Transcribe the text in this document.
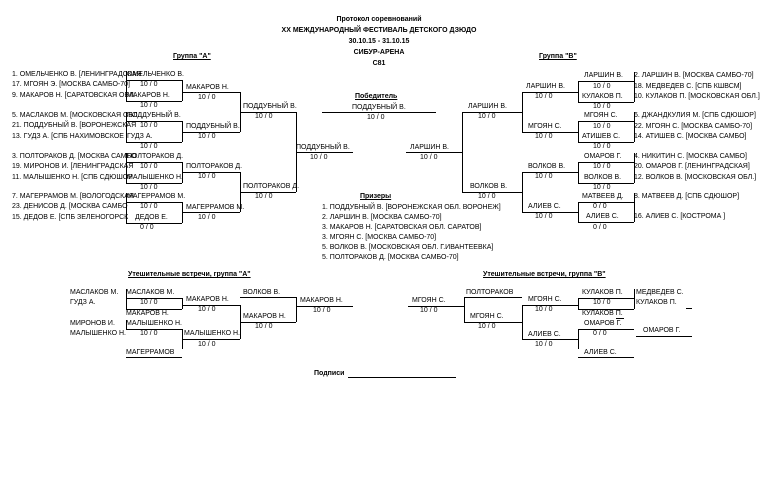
Протокол соревнований
XX МЕЖДУНАРОДНЫЙ ФЕСТИВАЛЬ ДЕТСКОГО ДЗЮДО
30.10.15 - 31.10.15
СИБУР-АРЕНА
C81
Группа "А"	Группа "В"
1. ОМЕЛЬЧЕНКО В. [ЛЕНИНГРАДСКАЯ
17. МГОЯН Э. [МОСКВА САМБО-70]
9. МАКАРОВ Н. [САРАТОВСКАЯ ОБЛ.
5. МАСЛАКОВ М. [МОСКОВСКАЯ ОБЛ.
21. ПОДДУБНЫЙ В. [ВОРОНЕЖСКАЯ
13. ГУДЗ А. [СПБ НАХИМОВСКОЕ
3. ПОЛТОРАКОВ Д. [МОСКВА САМБО
19. МИРОНОВ И. [ЛЕНИНГРАДСКАЯ
11. МАЛЫШЕНКО Н. [СПБ СДЮШОР
7. МАГЕРРАМОВ М. [ВОЛОГОДСКАЯ
23. ДЕНИСОВ Д. [МОСКВА САМБО
15. ДЕДОВ Е. [СПБ ЗЕЛЕНОГОРСК
ОМЕЛЬЧЕНКО В.
10 / 0
МАКАРОВ Н.
10 / 0
ПОДДУБНЫЙ В.
10 / 0
ГУДЗ А.
10 / 0
ПОЛТОРАКОВ Д.
10 / 0
МАЛЫШЕНКО Н.
10 / 0
МАГЕРРАМОВ М.
10 / 0
ДЕДОВ Е.
0 / 0
МАКАРОВ Н.
10 / 0
ПОДДУБНЫЙ В.
10 / 0
ПОЛТОРАКОВ Д.
10 / 0
МАГЕРРАМОВ М.
10 / 0
ПОДДУБНЫЙ В.
10 / 0
ПОЛТОРАКОВ Д.
10 / 0
ПОДДУБНЫЙ В.
10 / 0
Победитель
ПОДДУБНЫЙ В.
10 / 0
2. ЛАРШИН В. [МОСКВА САМБО-70]
18. МЕДВЕДЕВ С. [СПБ КШВСМ]
10. КУЛАКОВ П. [МОСКОВСКАЯ ОБЛ.]
6. ДЖАНДКУЛИЯ М. [СПБ СДЮШОР]
22. МГОЯН С. [МОСКВА САМБО-70]
14. АТИШЕВ С. [МОСКВА САМБО]
4. НИКИТИН С. [МОСКВА САМБО]
20. ОМАРОВ Г. [ЛЕНИНГРАДСКАЯ]
12. ВОЛКОВ В. [МОСКОВСКАЯ ОБЛ.]
8. МАТВЕЕВ Д. [СПБ СДЮШОР]
16. АЛИЕВ С. [КОСТРОМА ]
ЛАРШИН В.
10 / 0
КУЛАКОВ П.
10 / 0
МГОЯН С.
10 / 0
АТИШЕВ С.
10 / 0
ОМАРОВ Г.
10 / 0
ВОЛКОВ В.
10 / 0
МАТВЕЕВ Д.
0 / 0
АЛИЕВ С.
0 / 0
ЛАРШИН В.
10 / 0
МГОЯН С.
10 / 0
ВОЛКОВ В.
10 / 0
АЛИЕВ С.
10 / 0
ЛАРШИН В.
10 / 0
ВОЛКОВ В.
10 / 0
ЛАРШИН В.
10 / 0
Призеры
1. ПОДДУБНЫЙ В. [ВОРОНЕЖСКАЯ ОБЛ. ВОРОНЕЖ]
2. ЛАРШИН В. [МОСКВА САМБО-70]
3. МАКАРОВ Н. [САРАТОВСКАЯ ОБЛ. САРАТОВ]
3. МГОЯН С. [МОСКВА САМБО-70]
5. ВОЛКОВ В. [МОСКОВСКАЯ ОБЛ. Г.ИВАНТЕЕВКА]
5. ПОЛТОРАКОВ Д. [МОСКВА САМБО-70]
Утешительные встречи, группа "А"
МАСЛАКОВ М.
ГУДЗ А.
МИРОНОВ И.
МАЛЫШЕНКО Н.
МАГЕРРАМОВ
МАСЛАКОВ М.
10 / 0
МАКАРОВ Н.
МАЛЫШЕНКО Н.
10 / 0	МАЛЫШЕНКО Н.
10 / 0
МАКАРОВ Н.
10 / 0
МАКАРОВ Н.
10 / 0
ВОЛКОВ В.
МАКАРОВ Н.
10 / 0
Утешительные встречи, группа "В"
ПОЛТОРАКОВ
МГОЯН С.
10 / 0
МГОЯН С.
10 / 0
МГОЯН С.
10 / 0
АЛИЕВ С.
10 / 0
КУЛАКОВ П.
10 / 0
КУЛАКОВ П.
ОМАРОВ Г.
0 / 0
АЛИЕВ С.
МЕДВЕДЕВ С.
КУЛАКОВ П.
ОМАРОВ Г.
Подписи
